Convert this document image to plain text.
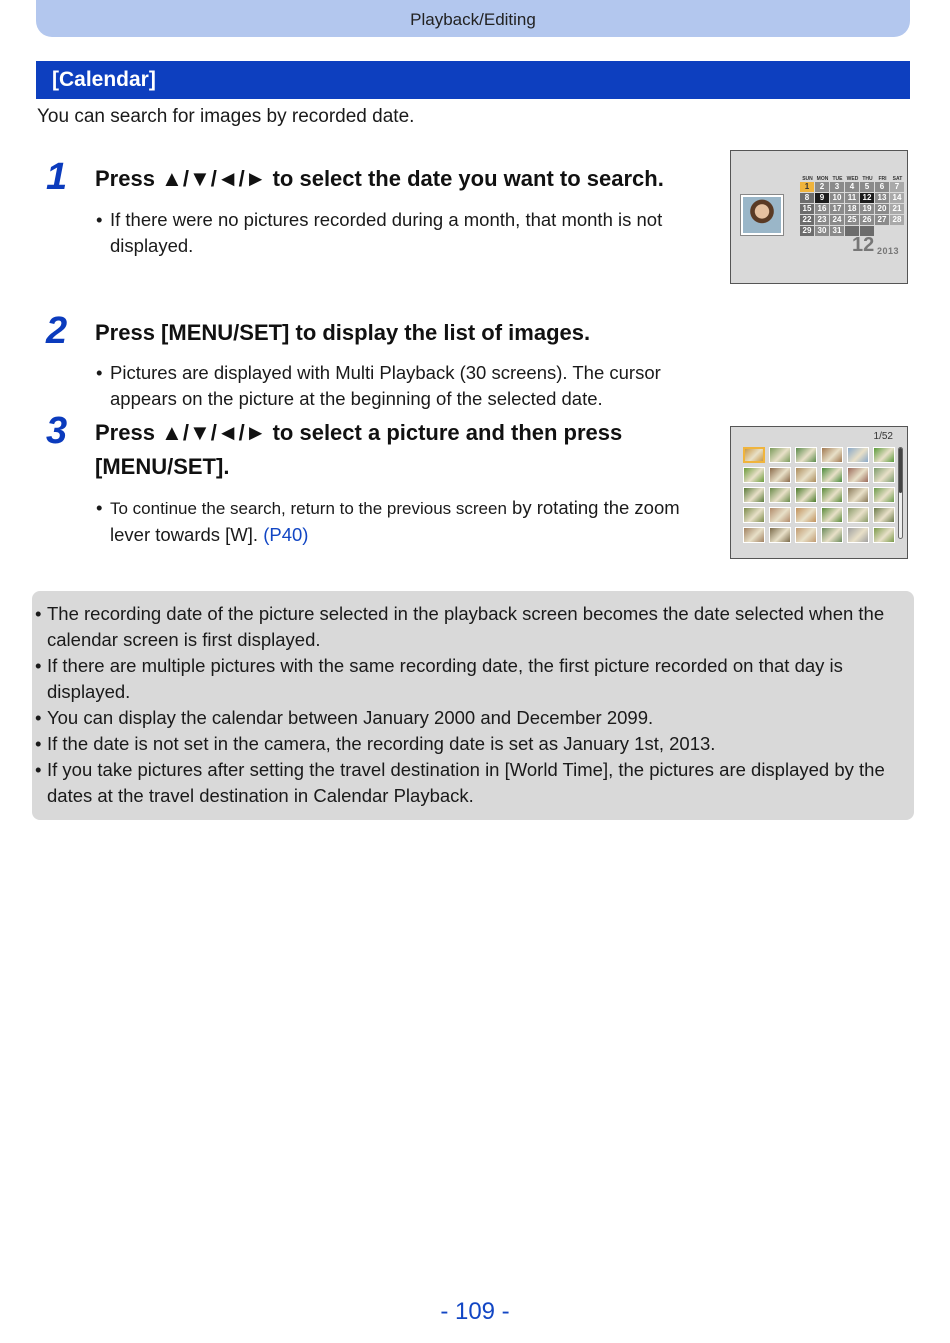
Playback/Editing
[Calendar]
You can search for images by recorded date.
1 Press ▲/▼/◄/► to select the date you want to search.
• If there were no pictures recorded during a month, that month is not displayed.
SUN MON TUE WED THU	FRI	SAT
1	2	3	4	5	6	7
8	9	10 11 12 13 14
15 16 17 18 19 20 21
22 23 24 25 26 27 28
29 30 31
12 2013
2 Press [MENU/SET] to display the list of images.
• Pictures are displayed with Multi Playback (30 screens). The cursor appears on the picture at the beginning of the selected date.
3 Press ▲/▼/◄/► to select a picture and then press
[MENU/SET].
• To continue the search, return to the previous screen by rotating the zoom lever towards [W]. (P40)
1/52
• The recording date of the picture selected in the playback screen becomes the date selected when the calendar screen is first displayed.
• If there are multiple pictures with the same recording date, the first picture recorded on that day is displayed.
• You can display the calendar between January 2000 and December 2099.
• If the date is not set in the camera, the recording date is set as January 1st, 2013.
• If you take pictures after setting the travel destination in [World Time], the pictures are displayed by the dates at the travel destination in Calendar Playback.
- 109 -
